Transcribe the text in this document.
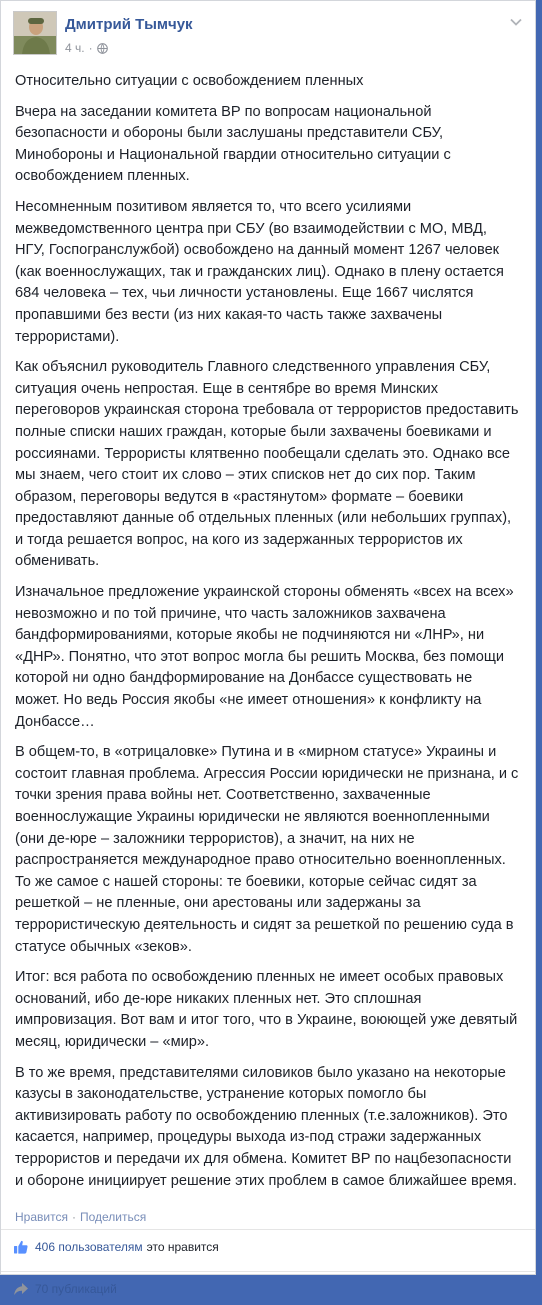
Дмитрий Тымчук
4 ч. ·

Относительно ситуации с освобождением пленных

Вчера на заседании комитета ВР по вопросам национальной безопасности и обороны были заслушаны представители СБУ, Минобороны и Национальной гвардии относительно ситуации с освобождением пленных.

Несомненным позитивом является то, что всего усилиями межведомственного центра при СБУ (во взаимодействии с МО, МВД, НГУ, Госпогранслужбой) освобождено на данный момент 1267 человек (как военнослужащих, так и гражданских лиц). Однако в плену остается 684 человека – тех, чьи личности установлены. Еще 1667 числятся пропавшими без вести (из них какая-то часть также захвачены террористами).

Как объяснил руководитель Главного следственного управления СБУ, ситуация очень непростая. Еще в сентябре во время Минских переговоров украинская сторона требовала от террористов предоставить полные списки наших граждан, которые были захвачены боевиками и россиянами. Террористы клятвенно пообещали сделать это. Однако все мы знаем, чего стоит их слово – этих списков нет до сих пор. Таким образом, переговоры ведутся в «растянутом» формате – боевики предоставляют данные об отдельных пленных (или небольших группах), и тогда решается вопрос, на кого из задержанных террористов их обменивать.

Изначальное предложение украинской стороны обменять «всех на всех» невозможно и по той причине, что часть заложников захвачена бандформированиями, которые якобы не подчиняются ни «ЛНР», ни «ДНР». Понятно, что этот вопрос могла бы решить Москва, без помощи которой ни одно бандформирование на Донбассе существовать не может. Но ведь Россия якобы «не имеет отношения» к конфликту на Донбассе…

В общем-то, в «отрицаловке» Путина и в «мирном статусе» Украины и состоит главная проблема. Агрессия России юридически не признана, и с точки зрения права войны нет. Соответственно, захваченные военнослужащие Украины юридически не являются военнопленными (они де-юре – заложники террористов), а значит, на них не распространяется международное право относительно военнопленных. То же самое с нашей стороны: те боевики, которые сейчас сидят за решеткой – не пленные, они арестованы или задержаны за террористическую деятельность и сидят за решеткой по решению суда в статусе обычных «зеков».

Итог: вся работа по освобождению пленных не имеет особых правовых оснований, ибо де-юре никаких пленных нет. Это сплошная импровизация. Вот вам и итог того, что в Украине, воюющей уже девятый месяц, юридически – «мир».

В то же время, представителями силовиков было указано на некоторые казусы в законодательстве, устранение которых помогло бы активизировать работу по освобождению пленных (т.е.заложников). Это касается, например, процедуры выхода из-под стражи задержанных террористов и передачи их для обмена. Комитет ВР по нацбезопасности и обороне инициирует решение этих проблем в самое ближайшее время.

Нравится · Поделиться
406 пользователям это нравится
70 публикаций
